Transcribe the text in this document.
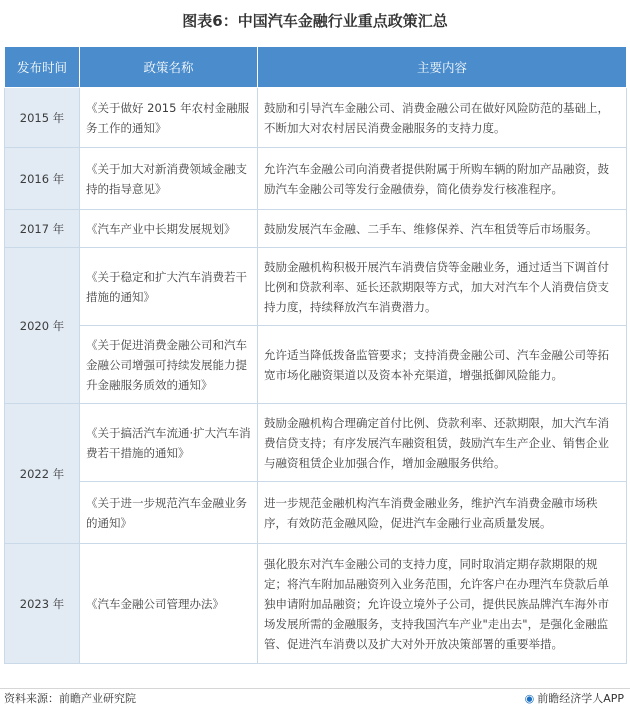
图表6：中国汽车金融行业重点政策汇总
发布时间	政策名称	主要内容
2015 年	《关于做好 2015 年农村金融服务工作的通知》	鼓励和引导汽车金融公司、消费金融公司在做好风险防范的基础上，不断加大对农村居民消费金融服务的支持力度。
2016 年	《关于加大对新消费领域金融支持的指导意见》	允许汽车金融公司向消费者提供附属于所购车辆的附加产品融资，鼓励汽车金融公司等发行金融债券，简化债券发行核准程序。
2017 年	《汽车产业中长期发展规划》	鼓励发展汽车金融、二手车、维修保养、汽车租赁等后市场服务。
2020 年	《关于稳定和扩大汽车消费若干措施的通知》	鼓励金融机构积极开展汽车消费信贷等金融业务，通过适当下调首付比例和贷款利率、延长还款期限等方式，加大对汽车个人消费信贷支持力度，持续释放汽车消费潜力。
	《关于促进消费金融公司和汽车金融公司增强可持续发展能力提升金融服务质效的通知》	允许适当降低拨备监管要求；支持消费金融公司、汽车金融公司等拓宽市场化融资渠道以及资本补充渠道，增强抵御风险能力。
2022 年	《关于搞活汽车流通·扩大汽车消费若干措施的通知》	鼓励金融机构合理确定首付比例、贷款利率、还款期限，加大汽车消费信贷支持；有序发展汽车融资租赁，鼓励汽车生产企业、销售企业与融资租赁企业加强合作，增加金融服务供给。
	《关于进一步规范汽车金融业务的通知》	进一步规范金融机构汽车消费金融业务，维护汽车消费金融市场秩序，有效防范金融风险，促进汽车金融行业高质量发展。
2023 年	《汽车金融公司管理办法》	强化股东对汽车金融公司的支持力度，同时取消定期存款期限的规定；将汽车附加品融资列入业务范围，允许客户在办理汽车贷款后单独申请附加品融资；允许设立境外子公司，提供民族品牌汽车海外市场发展所需的金融服务，支持我国汽车产业"走出去"，是强化金融监管、促进汽车消费以及扩大对外开放决策部署的重要举措。
资料来源：前瞻产业研究院	◉ 前瞻经济学人APP
